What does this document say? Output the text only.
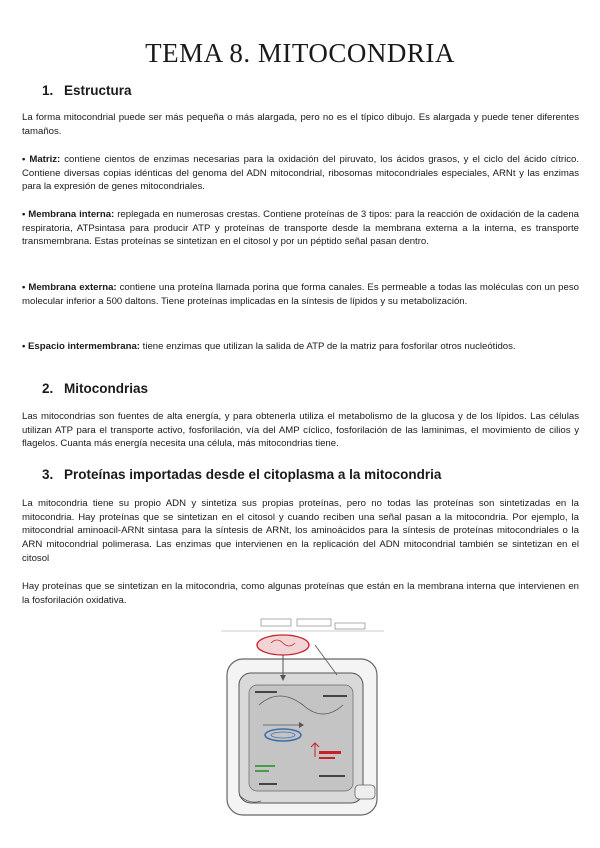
TEMA 8. MITOCONDRIA
1. Estructura

La forma mitocondrial puede ser más pequeña o más alargada, pero no es el típico dibujo. Es alargada y puede tener diferentes tamaños.

• Matriz: contiene cientos de enzimas necesarias para la oxidación del piruvato, los ácidos grasos, y el ciclo del ácido cítrico. Contiene diversas copias idénticas del genoma del ADN mitocondrial, ribosomas mitocondriales especiales, ARNt y las enzimas para la expresión de genes mitocondriales.

• Membrana interna: replegada en numerosas crestas. Contiene proteínas de 3 tipos: para la reacción de oxidación de la cadena respiratoria, ATPsintasa para producir ATP y proteínas de transporte desde la membrana externa a la interna, es transporte transmembrana. Estas proteínas se sintetizan en el citosol y por un péptido señal pasan dentro.

• Membrana externa: contiene una proteína llamada porina que forma canales. Es permeable a todas las moléculas con un peso molecular inferior a 500 daltons. Tiene proteínas implicadas en la síntesis de lípidos y su metabolización.

• Espacio intermembrana: tiene enzimas que utilizan la salida de ATP de la matriz para fosforilar otros nucleótidos.

2. Mitocondrias

Las mitocondrias son fuentes de alta energía, y para obtenerla utiliza el metabolismo de la glucosa y de los lípidos. Las células utilizan ATP para el transporte activo, fosforilación, vía del AMP cíclico, fosforilación de las laminimas, el movimiento de cilios y flagelos. Cuanta más energía necesita una célula, más mitocondrias tiene.

3. Proteínas importadas desde el citoplasma a la mitocondria

La mitocondria tiene su propio ADN y sintetiza sus propias proteínas, pero no todas las proteínas son sintetizadas en la mitocondria. Hay proteínas que se sintetizan en el citosol y cuando reciben una señal pasan a la mitocondria. Por ejemplo, la mitocondrial aminoacil-ARNt sintasa para la síntesis de ARNt, los aminoácidos para la síntesis de proteínas mitocondriales o la ARN mitocondrial polimerasa. Las enzimas que intervienen en la replicación del ADN mitocondrial también se sintetizan en el citosol

Hay proteínas que se sintetizan en la mitocondria, como algunas proteínas que están en la membrana interna que intervienen en la fosforilación oxidativa.
